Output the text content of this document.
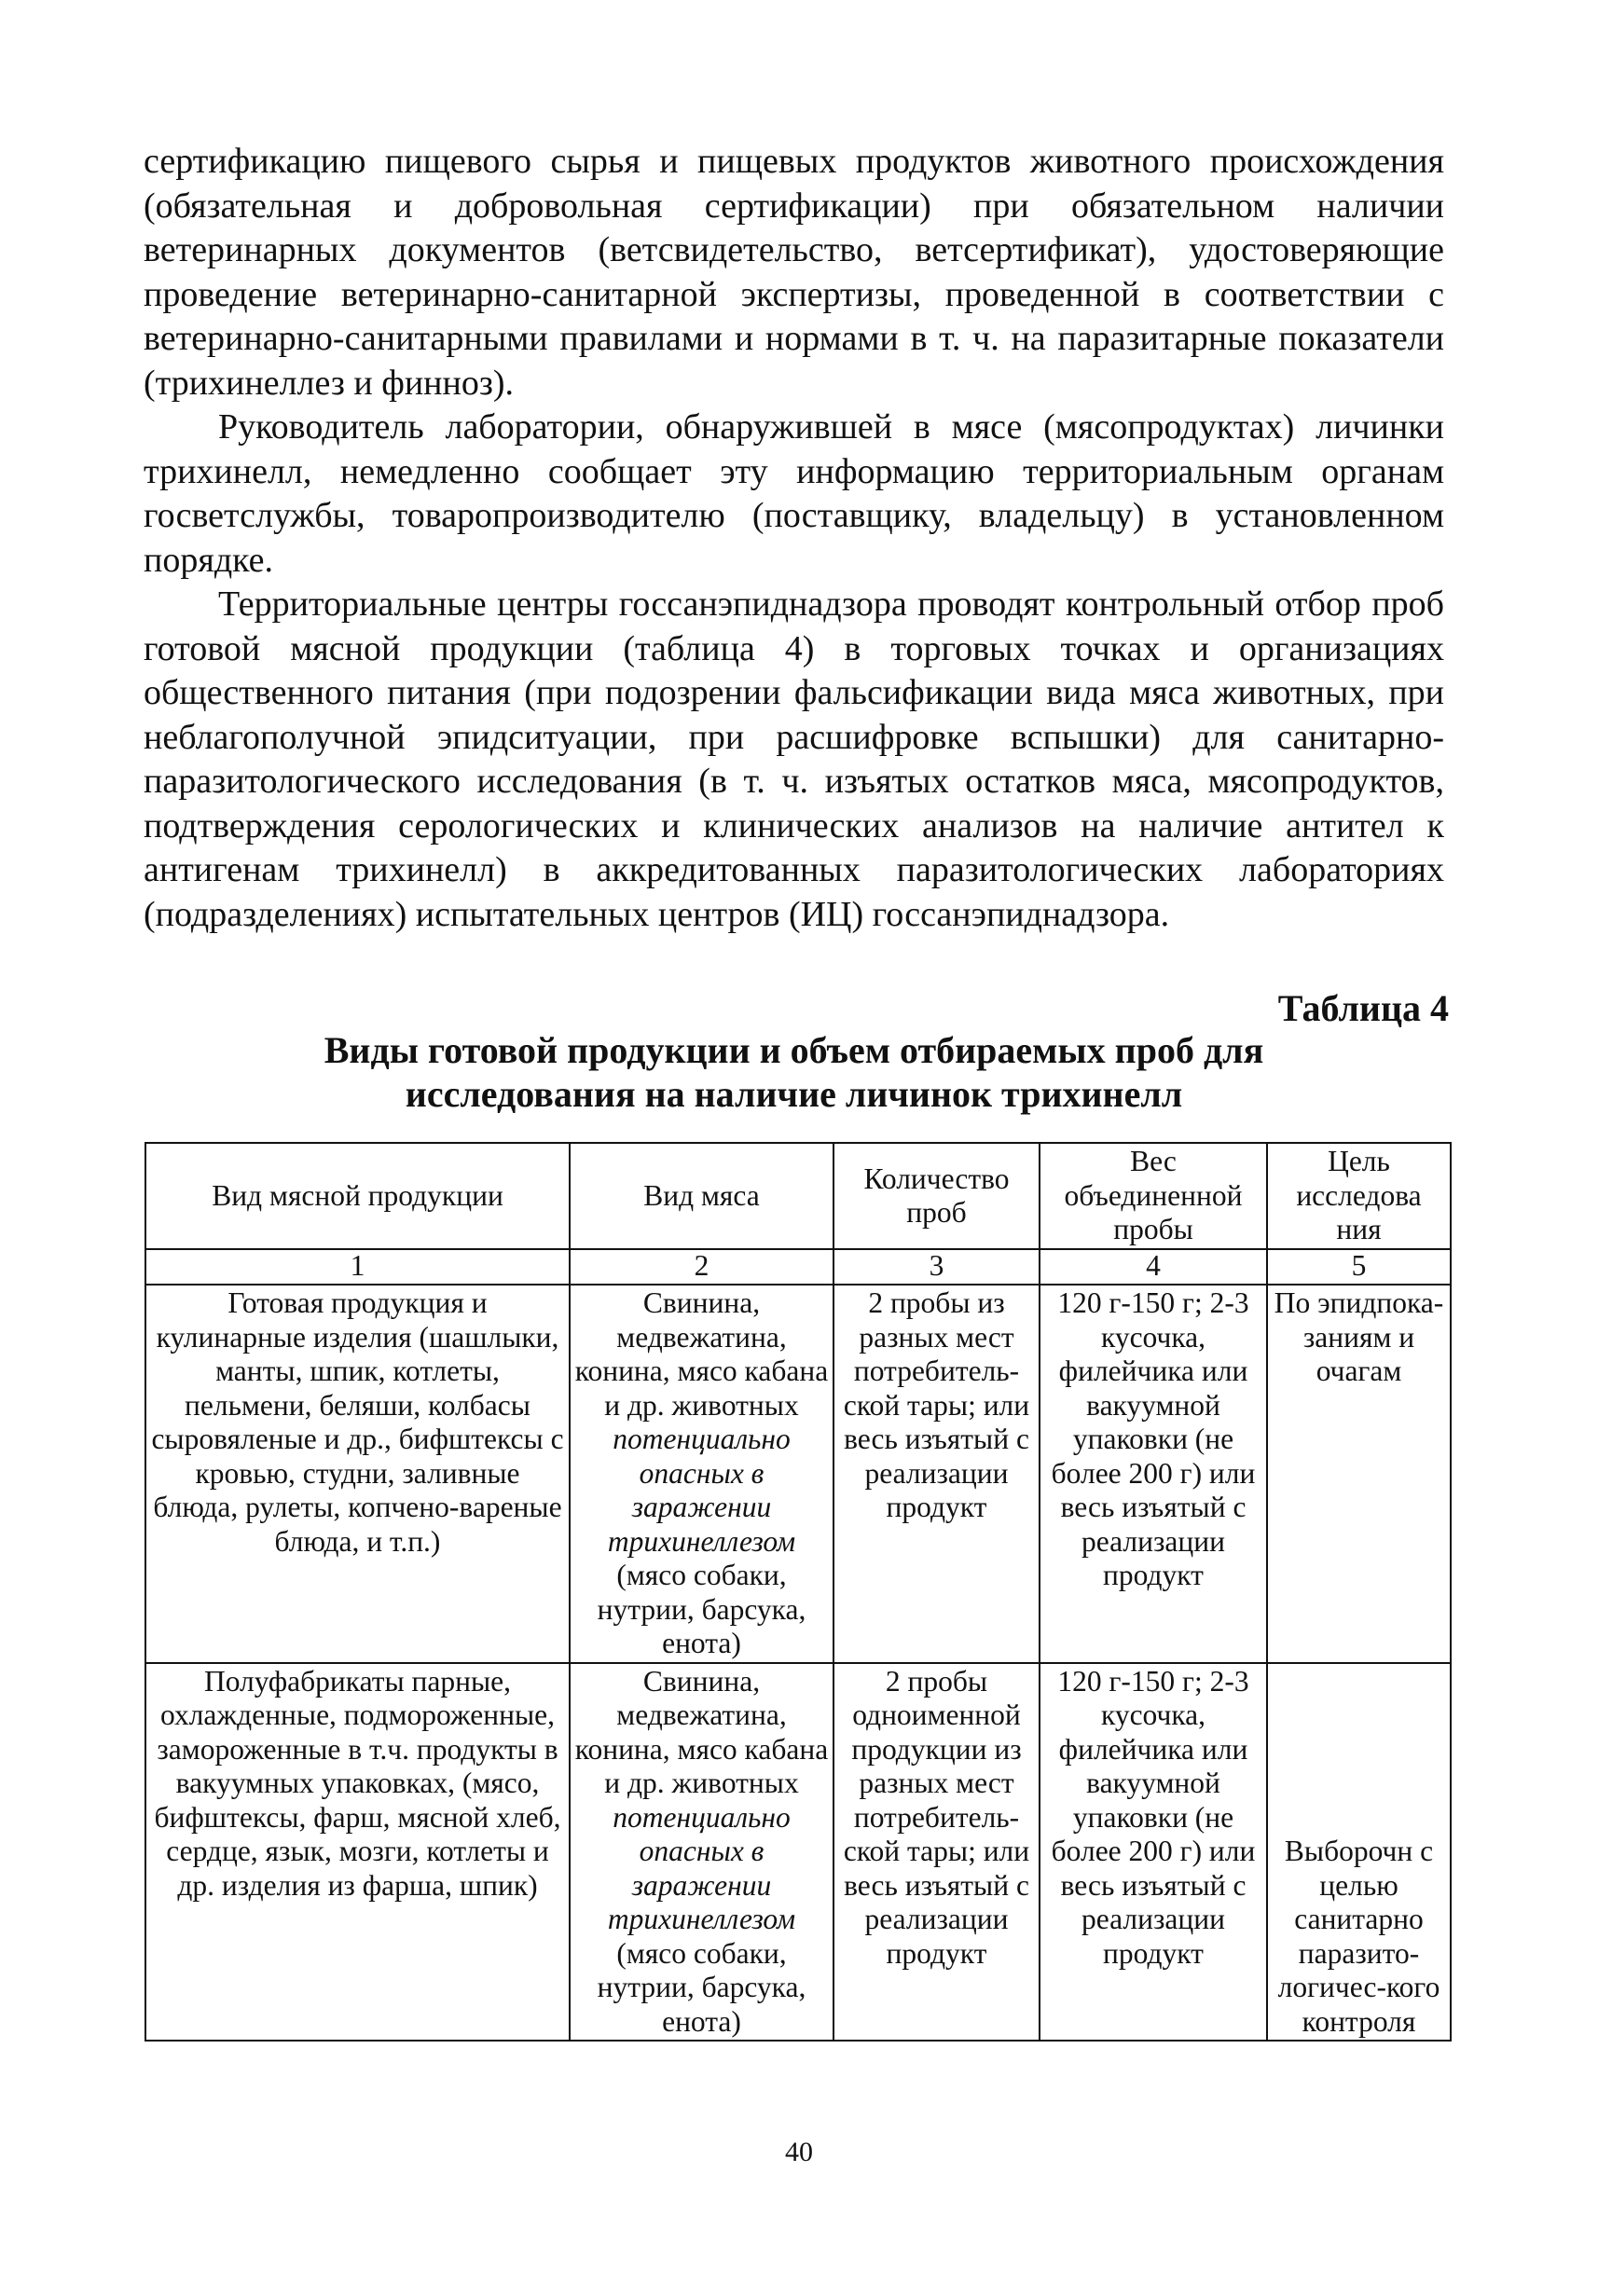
сертификацию пищевого сырья и пищевых продуктов животного происхождения (обязательная и добровольная сертификации) при обязательном наличии ветеринарных документов (ветсвидетельство, ветсертификат), удостоверяющие проведение ветеринарно-санитарной экспертизы, проведенной в соответствии с ветеринарно-санитарными правилами и нормами в т. ч. на паразитарные показатели (трихинеллез и финноз).

Руководитель лаборатории, обнаружившей в мясе (мясопродуктах) личинки трихинелл, немедленно сообщает эту информацию территориальным органам госветслужбы, товаропроизводителю (поставщику, владельцу) в установленном порядке.

Территориальные центры госсанэпиднадзора проводят контрольный отбор проб готовой мясной продукции (таблица 4) в торговых точках и организациях общественного питания (при подозрении фальсификации вида мяса животных, при неблагополучной эпидситуации, при расшифровке вспышки) для санитарно-паразитологического исследования (в т. ч. изъятых остатков мяса, мясопродуктов, подтверждения серологических и клинических анализов на наличие антител к антигенам трихинелл) в аккредитованных паразитологических лабораториях (подразделениях) испытательных центров (ИЦ) госсанэпиднадзора.

Таблица 4
Виды готовой продукции и объем отбираемых проб для
исследования на наличие личинок трихинелл
Вид мясной продукции	Вид мяса	Количество проб	Вес объединенной пробы	Цель исследова ния
1	2	3	4	5
Готовая продукция и кулинарные изделия (шашлыки, манты, шпик, котлеты, пельмени, беляши, колбасы сыровяленые и др., бифштексы с кровью, студни, заливные блюда, рулеты, копчено-вареные блюда, и т.п.)	Свинина, медвежатина, конина, мясо кабана и др. животных потенциально опасных в заражении трихинеллезом (мясо собаки, нутрии, барсука, енота)	2 пробы из разных мест потребитель-ской тары; или весь изъятый с реализации продукт	120 г-150 г; 2-3 кусочка, филейчика или вакуумной упаковки (не более 200 г) или весь изъятый с реализации продукт	По эпидпока-заниям и очагам
Полуфабрикаты парные, охлажденные, подмороженные, замороженные в т.ч. продукты в вакуумных упаковках, (мясо, бифштексы, фарш, мясной хлеб, сердце, язык, мозги, котлеты и др. изделия из фарша, шпик)	Свинина, медвежатина, конина, мясо кабана и др. животных потенциально опасных в заражении трихинеллезом (мясо собаки, нутрии, барсука, енота)	2 пробы одноименной продукции из разных мест потребитель-ской тары; или весь изъятый с реализации продукт	120 г-150 г; 2-3 кусочка, филейчика или вакуумной упаковки (не более 200 г) или весь изъятый с реализации продукт	Выборочн с целью санитарно паразито-логичес-кого контроля
40
